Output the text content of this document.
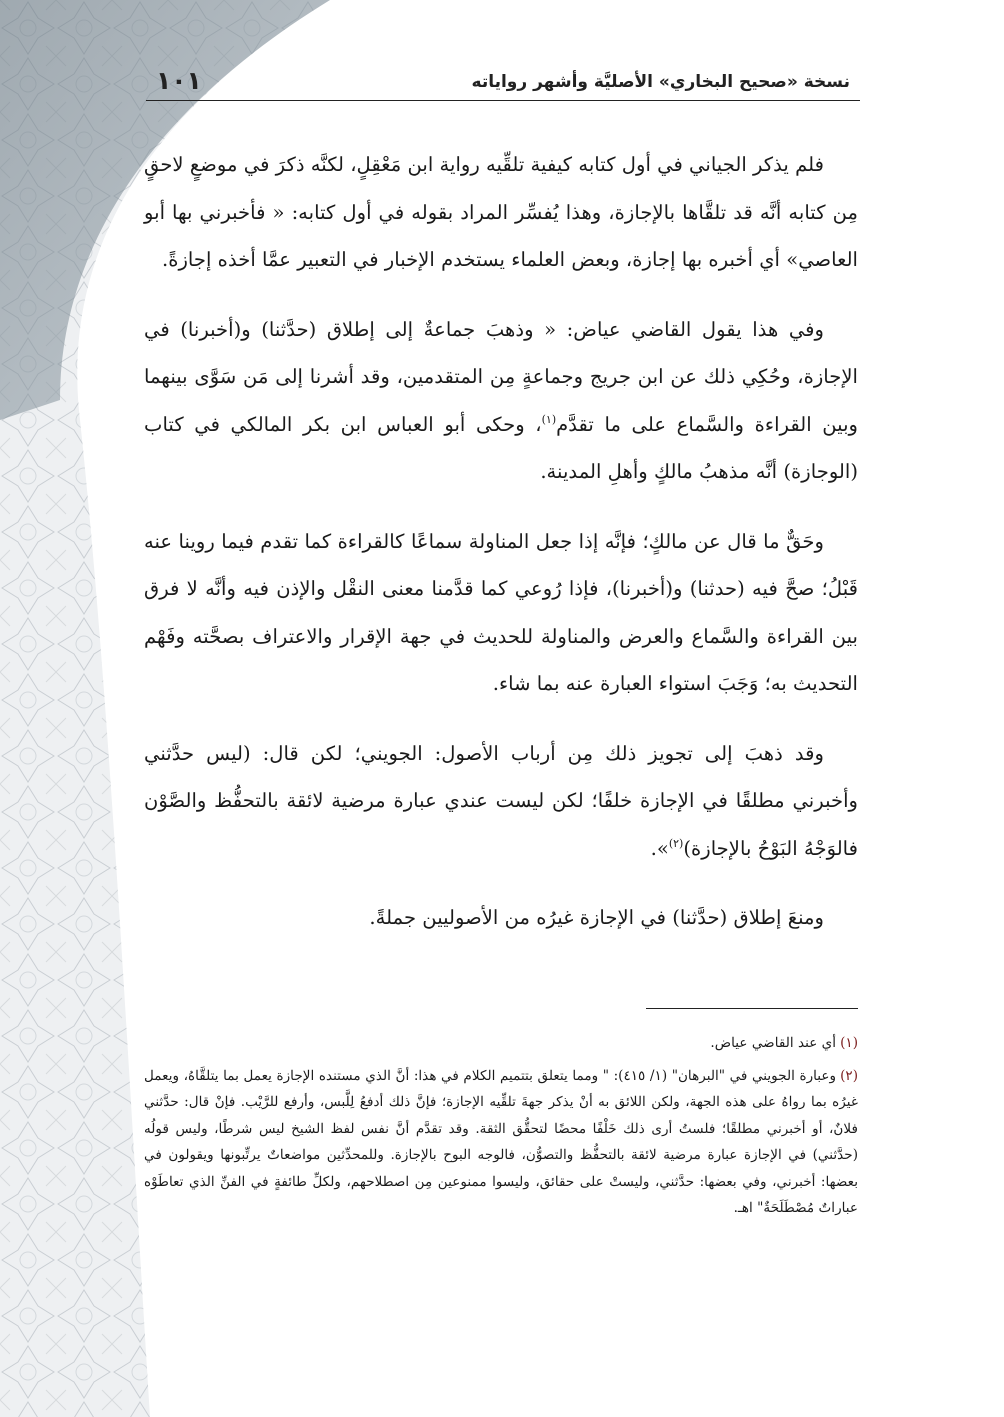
نسخة «صحيح البخاري» الأصليَّة وأشهر رواياته
١٠١

فلم يذكر الجياني في أول كتابه كيفية تلقِّيه رواية ابن مَعْقِلٍ، لكنَّه ذكرَ في موضعٍ لاحقٍ مِن كتابه أنَّه قد تلقَّاها بالإجازة، وهذا يُفسِّر المراد بقوله في أول كتابه: « فأخبرني بها أبو العاصي» أي أخبره بها إجازة، وبعض العلماء يستخدم الإخبار في التعبير عمَّا أخذه إجازةً.

وفي هذا يقول القاضي عياض: « وذهبَ جماعةٌ إلى إطلاق (حدَّثنا) و(أخبرنا) في الإجازة، وحُكِي ذلك عن ابن جريج وجماعةٍ مِن المتقدمين، وقد أشرنا إلى مَن سَوَّى بينهما وبين القراءة والسَّماع على ما تقدَّم$^{(١)}$، وحكى أبو العباس ابن بكر المالكي في كتاب (الوجازة) أنَّه مذهبُ مالكٍ وأهلِ المدينة.

وحَقٌّ ما قال عن مالكٍ؛ فإنَّه إذا جعل المناولة سماعًا كالقراءة كما تقدم فيما روينا عنه قَبْلُ؛ صحَّ فيه (حدثنا) و(أخبرنا)، فإذا رُوعي كما قدَّمنا معنى النقْل والإذن فيه وأنَّه لا فرق بين القراءة والسَّماع والعرض والمناولة للحديث في جهة الإقرار والاعتراف بصحَّته وفَهْم التحديث به؛ وَجَبَ استواء العبارة عنه بما شاء.

وقد ذهبَ إلى تجويز ذلك مِن أرباب الأصول: الجويني؛ لكن قال: (ليس حدَّثني وأخبرني مطلقًا في الإجازة خلفًا؛ لكن ليست عندي عبارة مرضية لائقة بالتحفُّظ والصَّوْن فالوَجْهُ البَوْحُ بالإجازة)$^{(٢)}$».

ومنعَ إطلاق (حدَّثنا) في الإجازة غيرُه من الأصوليين جملةً.

(١)أي عند القاضي عياض.

(٢)وعبارة الجويني في "البرهان" (١/ ٤١٥): " ومما يتعلق بتتميم الكلام في هذا: أنَّ الذي مستنده الإجازة يعمل بما يتلقَّاهُ، ويعمل غيرُه بما رواهُ على هذه الجهة، ولكن اللائق به أنْ يذكر جهةَ تلقِّيه الإجازة؛ فإنَّ ذلك أدفعُ لِلَّبس، وأرفع للرَّيْب. فإنْ قال: حدَّثني فلانٌ، أو أخبرني مطلقًا؛ فلستُ أرى ذلك خَلْفًا محضًا لتحقُّق الثقة. وقد تقدَّم أنَّ نفس لفظ الشيخ ليس شرطًا، وليس قولُه (حدَّثني) في الإجازة عبارة مرضية لائقة بالتحفُّظ والتصوُّن، فالوجه البوح بالإجازة. وللمحدِّثين مواضعاتٌ يرتِّبونها ويقولون في بعضها: أخبرني، وفي بعضها: حدَّثني، وليستْ على حقائق، وليسوا ممنوعين مِن اصطلاحهم، ولكلِّ طائفةٍ في الفنِّ الذي تعاطَوْه عباراتٌ مُصْطَلَحَةٌ" اهـ.
